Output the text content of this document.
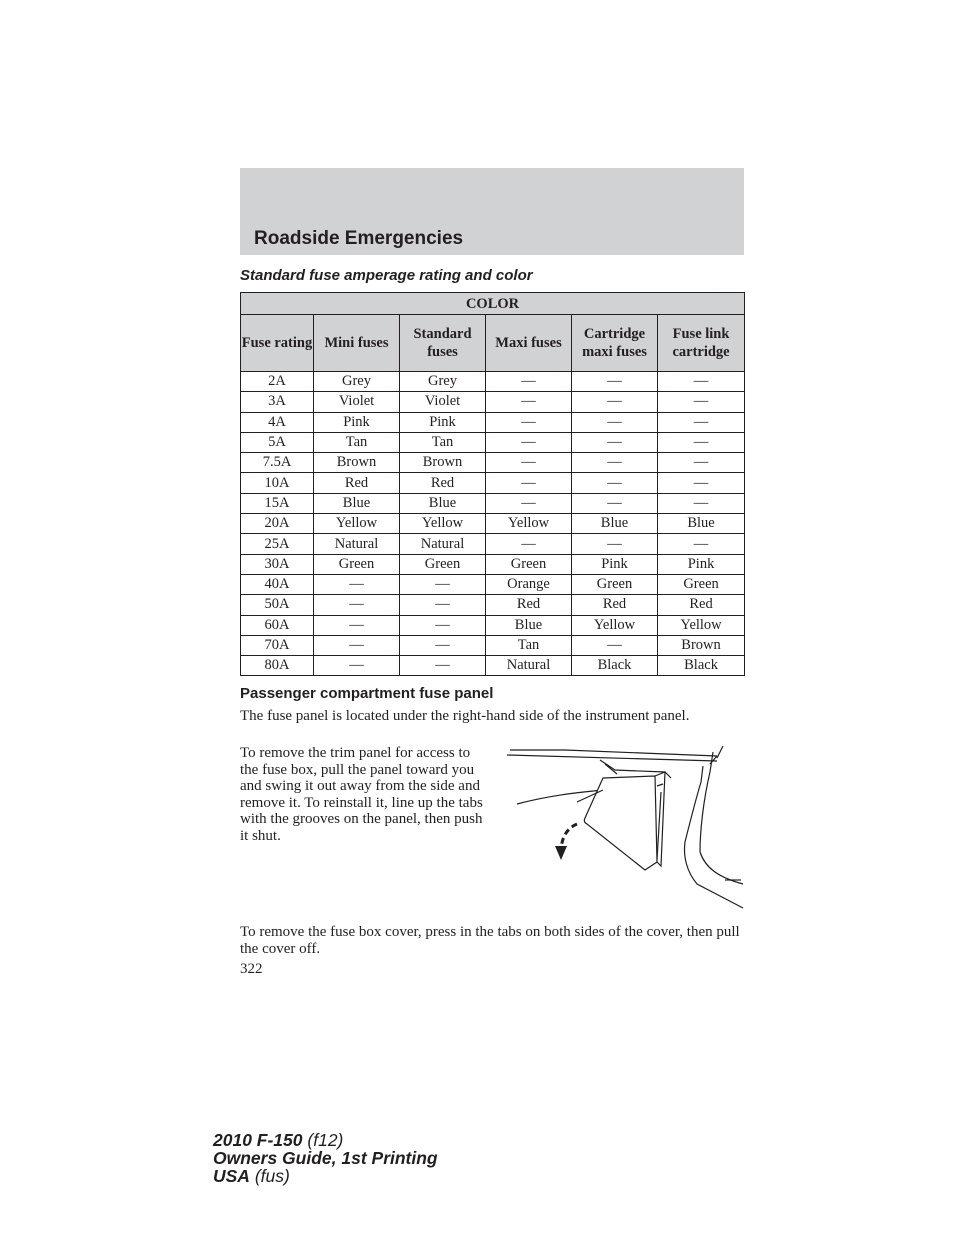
Roadside Emergencies
Standard fuse amperage rating and color
COLOR					
Fuse rating	Mini fuses	Standard fuses	Maxi fuses	Cartridge maxi fuses	Fuse link cartridge
2A	Grey	Grey	—	—	—
3A	Violet	Violet	—	—	—
4A	Pink	Pink	—	—	—
5A	Tan	Tan	—	—	—
7.5A	Brown	Brown	—	—	—
10A	Red	Red	—	—	—
15A	Blue	Blue	—	—	—
20A	Yellow	Yellow	Yellow	Blue	Blue
25A	Natural	Natural	—	—	—
30A	Green	Green	Green	Pink	Pink
40A	—	—	Orange	Green	Green
50A	—	—	Red	Red	Red
60A	—	—	Blue	Yellow	Yellow
70A	—	—	Tan	—	Brown
80A	—	—	Natural	Black	Black
Passenger compartment fuse panel
The fuse panel is located under the right-hand side of the instrument panel.
To remove the trim panel for access to the fuse box, pull the panel toward you and swing it out away from the side and remove it. To reinstall it, line up the tabs with the grooves on the panel, then push it shut.
To remove the fuse box cover, press in the tabs on both sides of the cover, then pull the cover off.
322
2010 F-150 (f12)
Owners Guide, 1st Printing
USA (fus)
